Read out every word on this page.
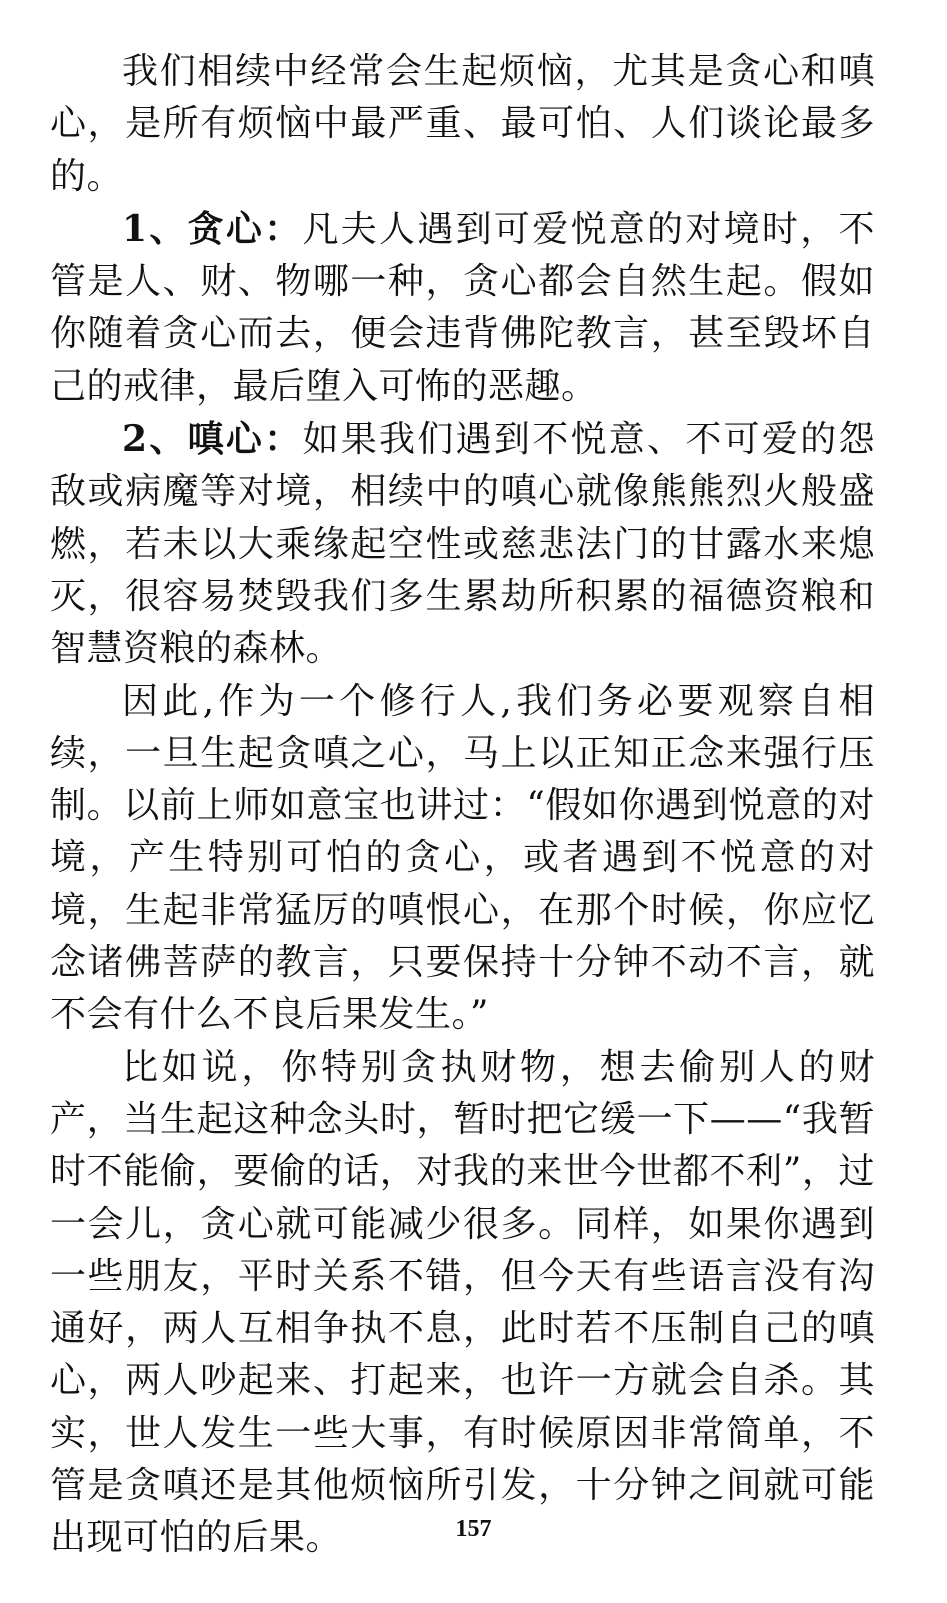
我们相续中经常会生起烦恼，尤其是贪心和嗔心，是所有烦恼中最严重、最可怕、人们谈论最多的。

1、贪心：凡夫人遇到可爱悦意的对境时，不管是人、财、物哪一种，贪心都会自然生起。假如你随着贪心而去，便会违背佛陀教言，甚至毁坏自己的戒律，最后堕入可怖的恶趣。

2、嗔心：如果我们遇到不悦意、不可爱的怨敌或病魔等对境，相续中的嗔心就像熊熊烈火般盛燃，若未以大乘缘起空性或慈悲法门的甘露水来熄灭，很容易焚毁我们多生累劫所积累的福德资粮和智慧资粮的森林。

因此,作为一个修行人,我们务必要观察自相续，一旦生起贪嗔之心，马上以正知正念来强行压制。以前上师如意宝也讲过：“假如你遇到悦意的对境，产生特别可怕的贪心，或者遇到不悦意的对境，生起非常猛厉的嗔恨心，在那个时候，你应忆念诸佛菩萨的教言，只要保持十分钟不动不言，就不会有什么不良后果发生。”

比如说，你特别贪执财物，想去偷别人的财产，当生起这种念头时，暂时把它缓一下——“我暂时不能偷，要偷的话，对我的来世今世都不利”，过一会儿，贪心就可能减少很多。同样，如果你遇到一些朋友，平时关系不错，但今天有些语言没有沟通好，两人互相争执不息，此时若不压制自己的嗔心，两人吵起来、打起来，也许一方就会自杀。其实，世人发生一些大事，有时候原因非常简单，不管是贪嗔还是其他烦恼所引发，十分钟之间就可能出现可怕的后果。	157
